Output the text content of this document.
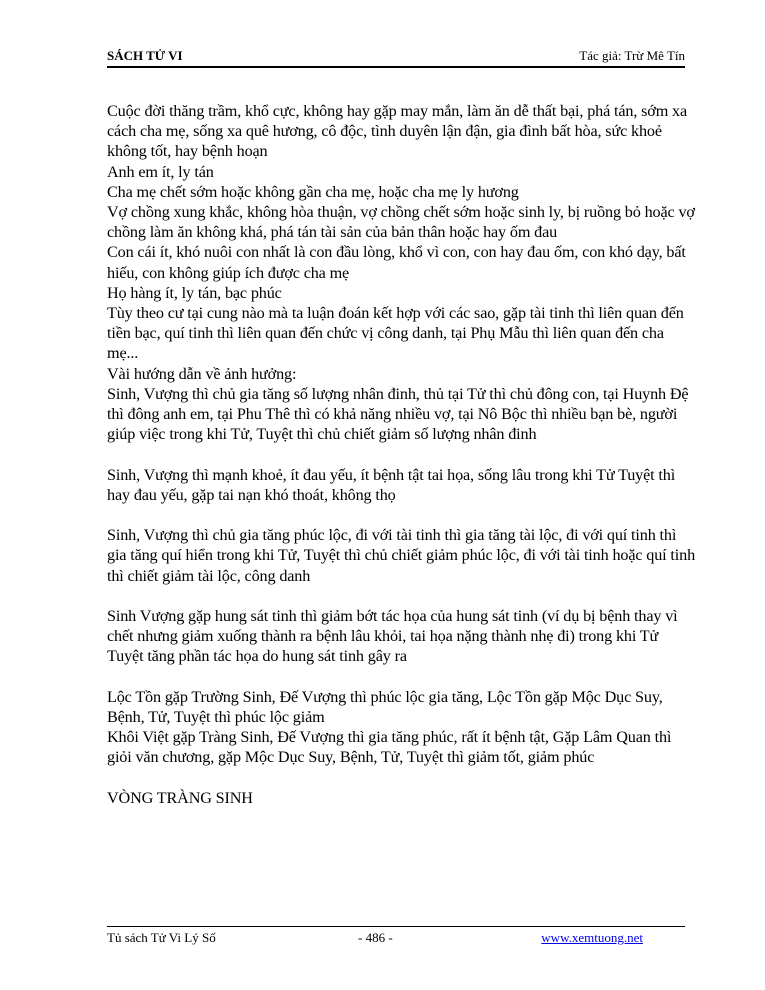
SÁCH TỬ VI	Tác giả: Trừ Mê Tín

Cuộc đời thăng trầm, khổ cực, không hay gặp may mắn, làm ăn dễ thất bại, phá tán, sớm xa cách cha mẹ, sống xa quê hương, cô độc, tình duyên lận đận, gia đình bất hòa, sức khoẻ không tốt, hay bệnh hoạn

Anh em ít, ly tán

Cha mẹ chết sớm hoặc không gần cha mẹ, hoặc cha mẹ ly hương

Vợ chồng xung khắc, không hòa thuận, vợ chồng chết sớm hoặc sinh ly, bị ruồng bỏ hoặc vợ chồng làm ăn không khá, phá tán tài sản của bản thân hoặc hay ốm đau

Con cái ít, khó nuôi con nhất là con đầu lòng, khổ vì con, con hay đau ốm, con khó dạy, bất hiếu, con không giúp ích được cha mẹ

Họ hàng ít, ly tán, bạc phúc

Tùy theo cư tại cung nào mà ta luận đoán kết hợp với các sao, gặp tài tinh thì liên quan đến tiền bạc, quí tinh thì liên quan đến chức vị công danh, tại Phụ Mẫu thì liên quan đến cha mẹ...

Vài hướng dẫn về ảnh hưởng:

Sinh, Vượng thì chủ gia tăng số lượng nhân đinh, thủ tại Tử thì chủ đông con, tại Huynh Đệ thì đông anh em, tại Phu Thê thì có khả năng nhiều vợ, tại Nô Bộc thì nhiều bạn bè, người giúp việc trong khi Tử, Tuyệt thì chủ chiết giảm số lượng nhân đinh

Sinh, Vượng thì mạnh khoẻ, ít đau yếu, ít bệnh tật tai họa, sống lâu trong khi Tử Tuyệt thì hay đau yếu, gặp tai nạn khó thoát, không thọ

Sinh, Vượng thì chủ gia tăng phúc lộc, đi với tài tinh thì gia tăng tài lộc, đi với quí tinh thì gia tăng quí hiển trong khi Tử, Tuyệt thì chủ chiết giảm phúc lộc, đi với tài tinh hoặc quí tinh thì chiết giảm tài lộc, công danh

Sinh Vượng gặp hung sát tinh thì giảm bớt tác họa của hung sát tinh (ví dụ bị bệnh thay vì chết nhưng giảm xuống thành ra bệnh lâu khỏi, tai họa nặng thành nhẹ đi) trong khi Tử Tuyệt tăng phần tác họa do hung sát tinh gây ra

Lộc Tồn gặp Trường Sinh, Đế Vượng thì phúc lộc gia tăng, Lộc Tồn gặp Mộc Dục Suy, Bệnh, Tử, Tuyệt thì phúc lộc giảm

Khôi Việt gặp Tràng Sinh, Đế Vượng thì gia tăng phúc, rất ít bệnh tật, Gặp Lâm Quan thì giỏi văn chương, gặp Mộc Dục Suy, Bệnh, Tử, Tuyệt thì giảm tốt, giảm phúc

VÒNG TRÀNG SINH

Tủ sách Tử Vi Lý Số	- 486 -	www.xemtuong.net
